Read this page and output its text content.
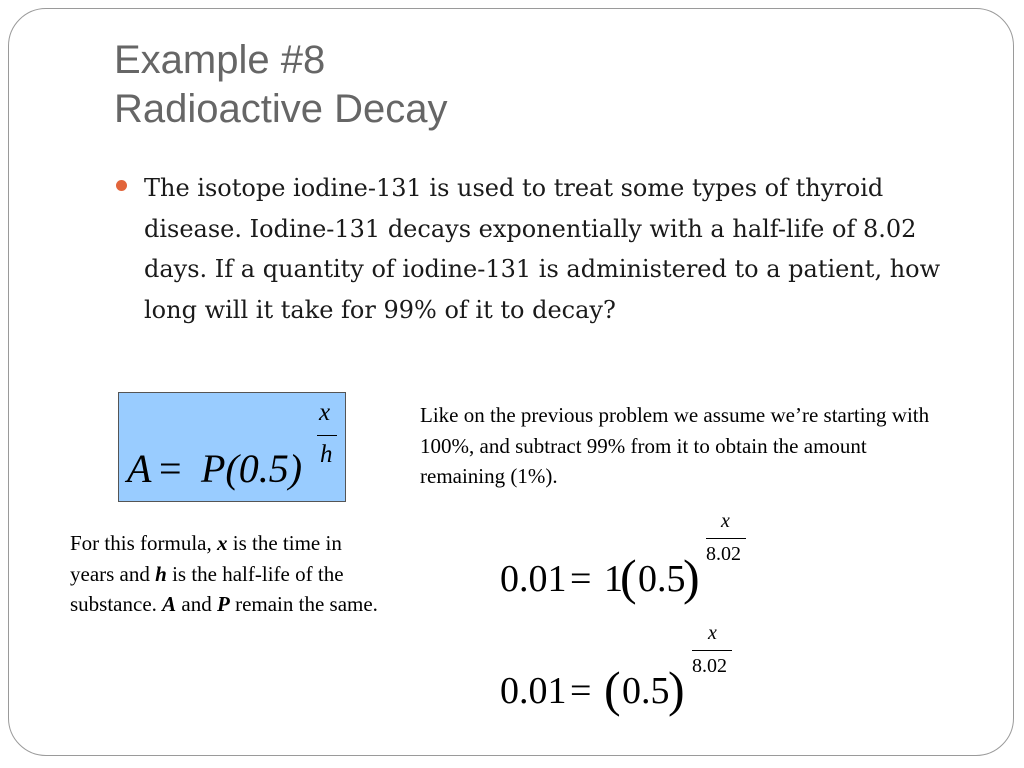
Example #8
Radioactive Decay

The isotope iodine-131 is used to treat some types of thyroid disease. Iodine-131 decays exponentially with a half-life of 8.02 days. If a quantity of iodine-131 is administered to a patient, how long will it take for 99% of it to decay?

A = P(0.5)
x
h

For this formula, x is the time in years and h is the half-life of the substance. A and P remain the same.

Like on the previous problem we assume we’re starting with 100%, and subtract 99% from it to obtain the amount remaining (1%).

0.01 = 1
( 0.5
)
x
8.02
0.01 = ( 0.5
)
x
8.02
